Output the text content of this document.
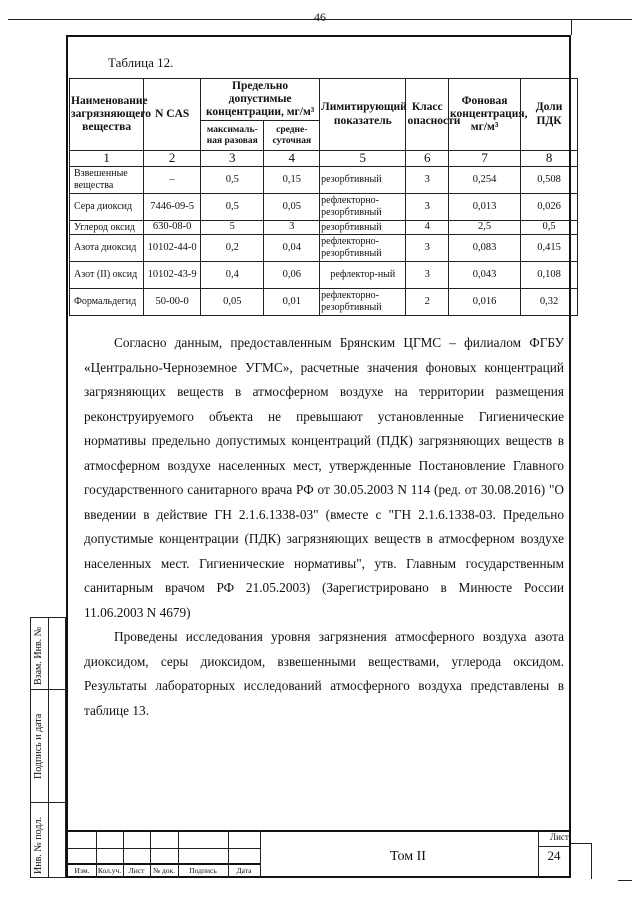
46
Таблица 12.
Наименование загрязняющего вещества	N CAS	Предельно допустимые концентрации, мг/м³		Лимитирующий показатель	Класс опасности	Фоновая концентрация, мг/м³	Доли ПДК
		максималь-ная разовая	средне-суточная				
1	2	3	4	5	6	7	8
Взвешенные вещества	–	0,5	0,15	резорбтивный	3	0,254	0,508
Сера диоксид	7446-09-5	0,5	0,05	рефлекторно-резорбтивный	3	0,013	0,026
Углерод оксид	630-08-0	5	3	резорбтивный	4	2,5	0,5
Азота диоксид	10102-44-0	0,2	0,04	рефлекторно-резорбтивный	3	0,083	0,415
Азот (II) оксид	10102-43-9	0,4	0,06	рефлектор-ный	3	0,043	0,108
Формальдегид	50-00-0	0,05	0,01	рефлекторно-резорбтивный	2	0,016	0,32
Согласно данным, предоставленным Брянским ЦГМС – филиалом ФГБУ «Центрально-Черноземное УГМС», расчетные значения фоновых концентраций загрязняющих веществ в атмосферном воздухе на территории размещения реконструируемого объекта не превышают установленные Гигиенические нормативы предельно допустимых концентраций (ПДК) загрязняющих веществ в атмосферном воздухе населенных мест, утвержденные Постановление Главного государственного санитарного врача РФ от 30.05.2003 N 114 (ред. от 30.08.2016) "О введении в действие ГН 2.1.6.1338-03" (вместе с "ГН 2.1.6.1338-03. Предельно допустимые концентрации (ПДК) загрязняющих веществ в атмосферном воздухе населенных мест. Гигиенические нормативы", утв. Главным государственным санитарным врачом РФ 21.05.2003) (Зарегистрировано в Минюсте России 11.06.2003 N 4679)
Проведены исследования уровня загрязнения атмосферного воздуха азота диоксидом, серы диоксидом, взвешенными веществами, углерода оксидом. Результаты лабораторных исследований атмосферного воздуха представлены в таблице 13.
Взам. Инв. №
Подпись и дата
Инв. № подл.	Изм.	Кол.уч.	Лист	№ док.	Подпись	Дата
Том II
Лист
24
